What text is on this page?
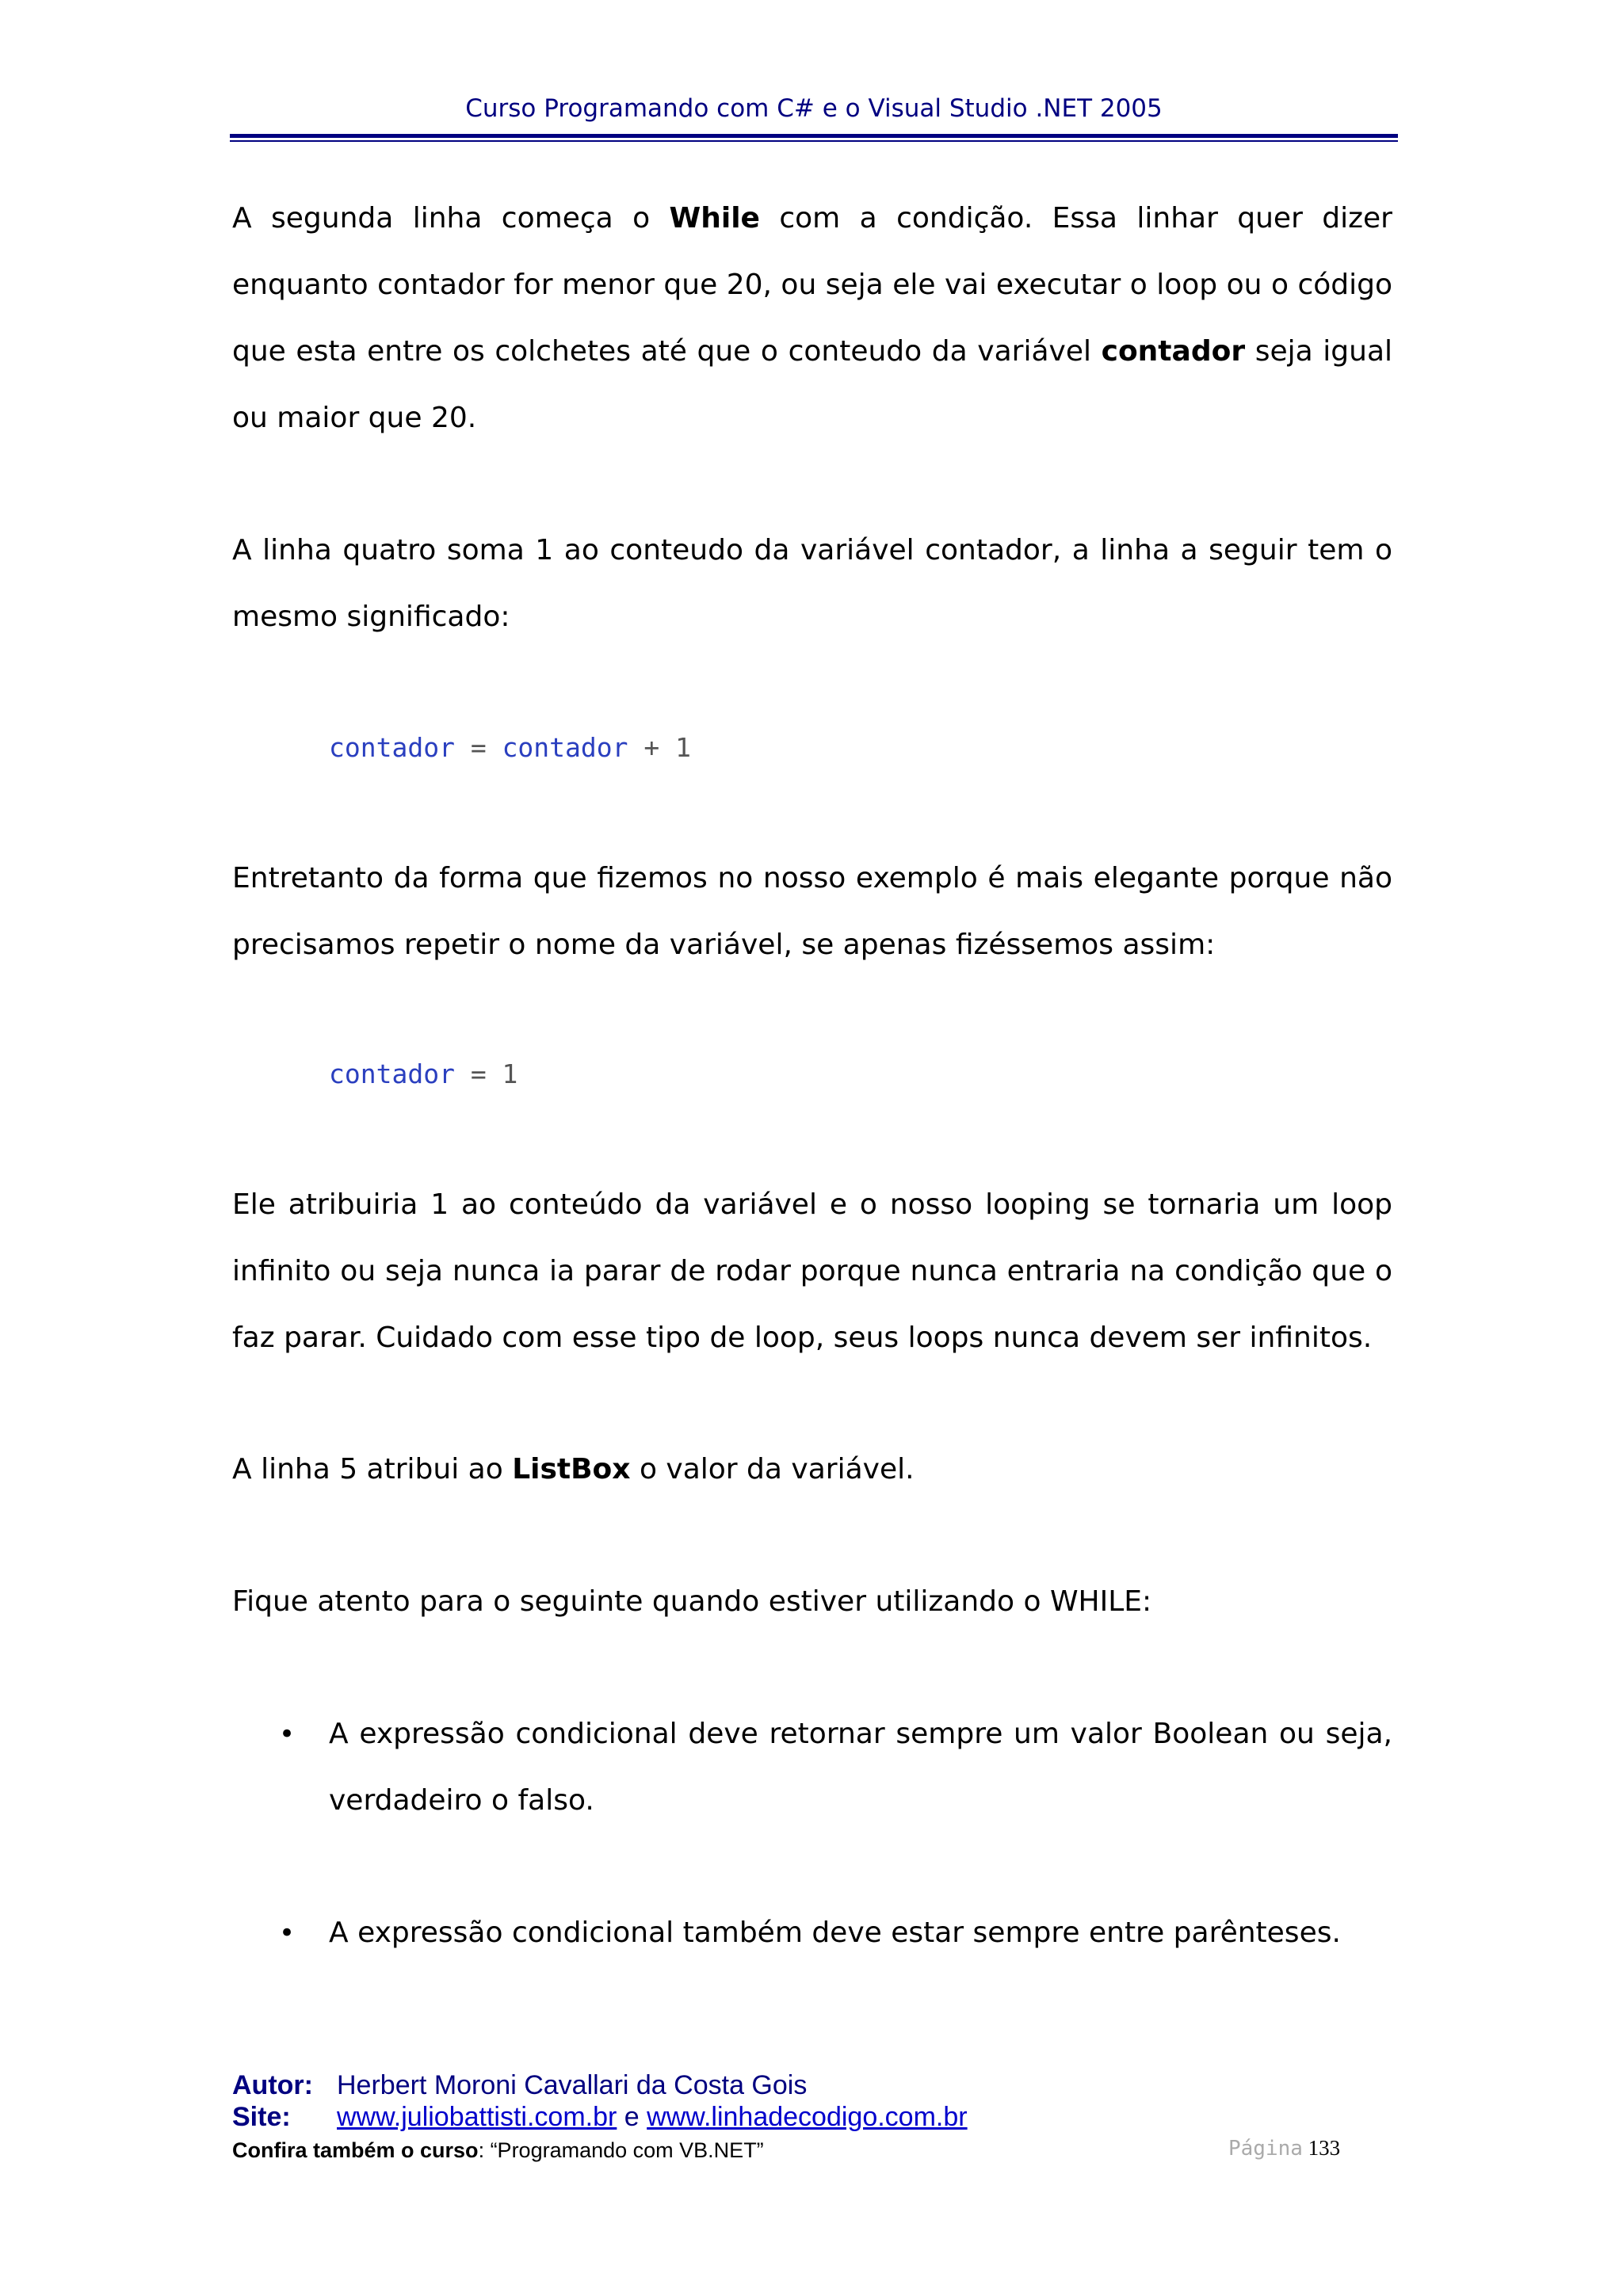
Curso Programando com C# e o Visual Studio .NET 2005
A segunda linha começa o While com a condição. Essa linhar quer dizer enquanto contador for menor que 20, ou seja ele vai executar o loop ou o código que esta entre os colchetes até que o conteudo da variável contador seja igual ou maior que 20.
A linha quatro soma 1 ao conteudo da variável contador, a linha a seguir tem o mesmo significado:
contador = contador + 1
Entretanto da forma que fizemos no nosso exemplo é mais elegante porque não precisamos repetir o nome da variável, se apenas fizéssemos assim:
contador = 1
Ele atribuiria 1 ao conteúdo da variável e o nosso looping se tornaria um loop infinito ou seja nunca ia parar de rodar porque nunca entraria na condição que o faz parar. Cuidado com esse tipo de loop, seus loops nunca devem ser infinitos.
A linha 5 atribui ao ListBox o valor da variável.
Fique atento para o seguinte quando estiver utilizando o WHILE:
•	A expressão condicional deve retornar sempre um valor Boolean ou seja, verdadeiro o falso.
•	A expressão condicional também deve estar sempre entre parênteses.
Autor: Herbert Moroni Cavallari da Costa Gois
Site: www.juliobattisti.com.br e www.linhadecodigo.com.br
Confira também o curso: “Programando com VB.NET”	Página 133
